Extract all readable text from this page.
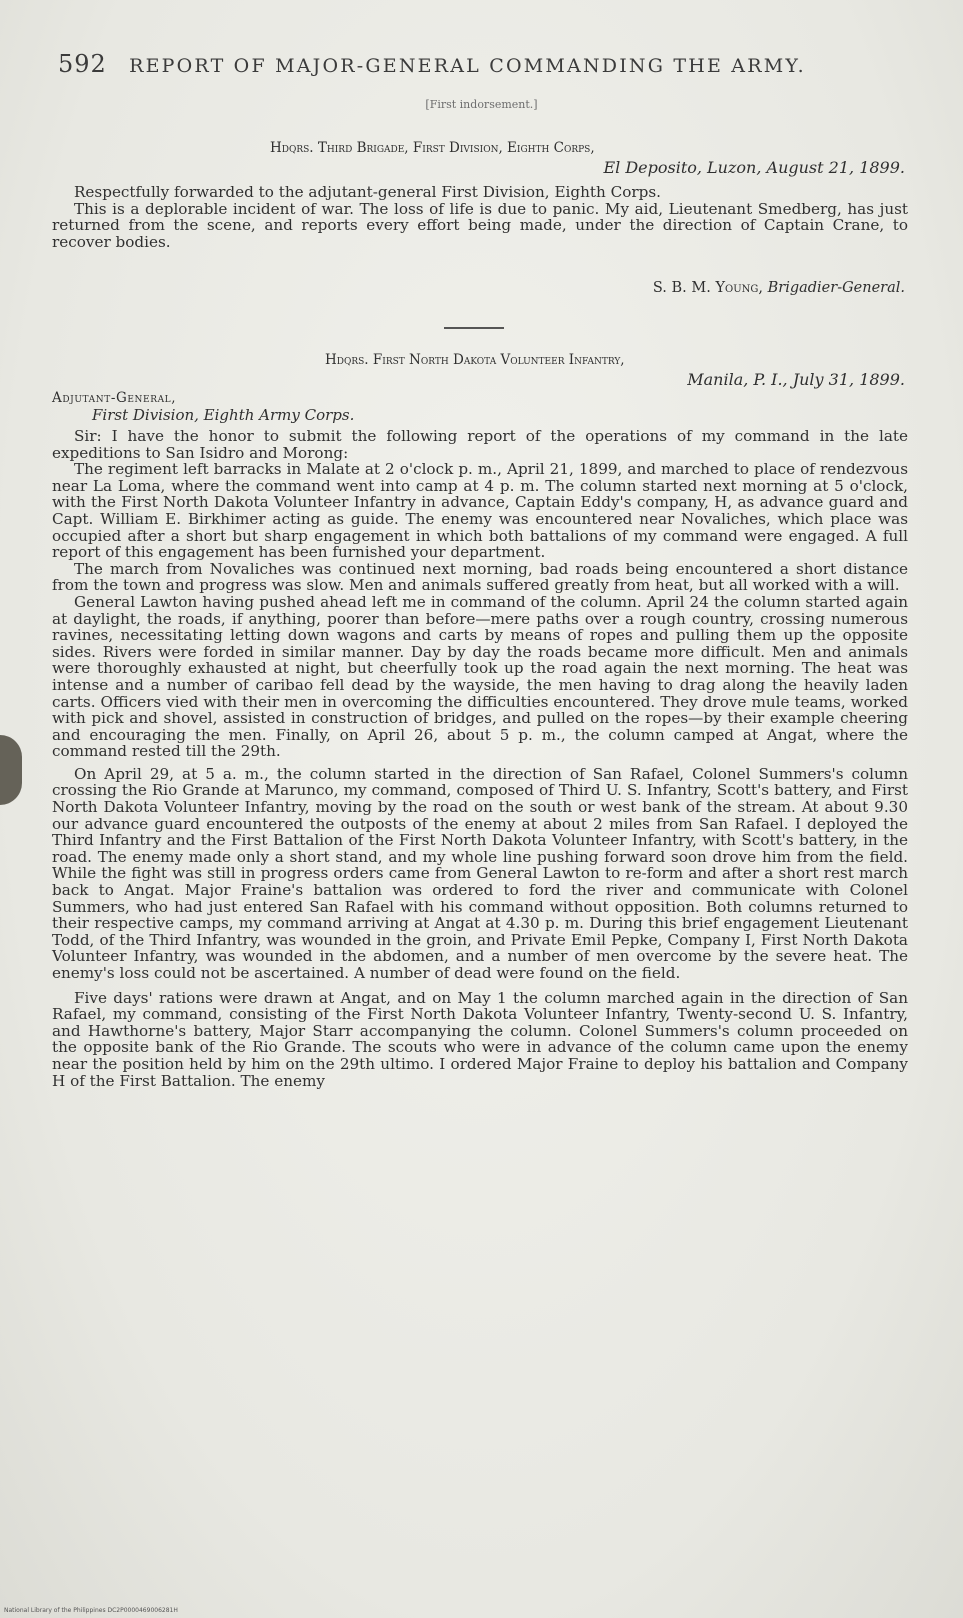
592 REPORT OF MAJOR-GENERAL COMMANDING THE ARMY.
[First indorsement.]
Hdqrs. Third Brigade, First Division, Eighth Corps,
El Deposito, Luzon, August 21, 1899.

Respectfully forwarded to the adjutant-general First Division, Eighth Corps.

This is a deplorable incident of war. The loss of life is due to panic. My aid, Lieutenant Smedberg, has just returned from the scene, and reports every effort being made, under the direction of Captain Crane, to recover bodies.

S. B. M. Young, Brigadier-General.
Hdqrs. First North Dakota Volunteer Infantry,
Manila, P. I., July 31, 1899.
Adjutant-General,
First Division, Eighth Army Corps.

Sir: I have the honor to submit the following report of the operations of my command in the late expeditions to San Isidro and Morong:

The regiment left barracks in Malate at 2 o'clock p. m., April 21, 1899, and marched to place of rendezvous near La Loma, where the command went into camp at 4 p. m. The column started next morning at 5 o'clock, with the First North Dakota Volunteer Infantry in advance, Captain Eddy's company, H, as advance guard and Capt. William E. Birkhimer acting as guide. The enemy was encountered near Novaliches, which place was occupied after a short but sharp engagement in which both battalions of my command were engaged. A full report of this engagement has been furnished your department.

The march from Novaliches was continued next morning, bad roads being encountered a short distance from the town and progress was slow. Men and animals suffered greatly from heat, but all worked with a will.

General Lawton having pushed ahead left me in command of the column. April 24 the column started again at daylight, the roads, if anything, poorer than before—mere paths over a rough country, crossing numerous ravines, necessitating letting down wagons and carts by means of ropes and pulling them up the opposite sides. Rivers were forded in similar manner. Day by day the roads became more difficult. Men and animals were thoroughly exhausted at night, but cheerfully took up the road again the next morning. The heat was intense and a number of caribao fell dead by the wayside, the men having to drag along the heavily laden carts. Officers vied with their men in overcoming the difficulties encountered. They drove mule teams, worked with pick and shovel, assisted in construction of bridges, and pulled on the ropes—by their example cheering and encouraging the men. Finally, on April 26, about 5 p. m., the column camped at Angat, where the command rested till the 29th.

On April 29, at 5 a. m., the column started in the direction of San Rafael, Colonel Summers's column crossing the Rio Grande at Marunco, my command, composed of Third U. S. Infantry, Scott's battery, and First North Dakota Volunteer Infantry, moving by the road on the south or west bank of the stream. At about 9.30 our advance guard encountered the outposts of the enemy at about 2 miles from San Rafael. I deployed the Third Infantry and the First Battalion of the First North Dakota Volunteer Infantry, with Scott's battery, in the road. The enemy made only a short stand, and my whole line pushing forward soon drove him from the field. While the fight was still in progress orders came from General Lawton to re-form and after a short rest march back to Angat. Major Fraine's battalion was ordered to ford the river and communicate with Colonel Summers, who had just entered San Rafael with his command without opposition. Both columns returned to their respective camps, my command arriving at Angat at 4.30 p. m. During this brief engagement Lieutenant Todd, of the Third Infantry, was wounded in the groin, and Private Emil Pepke, Company I, First North Dakota Volunteer Infantry, was wounded in the abdomen, and a number of men overcome by the severe heat. The enemy's loss could not be ascertained. A number of dead were found on the field.

Five days' rations were drawn at Angat, and on May 1 the column marched again in the direction of San Rafael, my command, consisting of the First North Dakota Volunteer Infantry, Twenty-second U. S. Infantry, and Hawthorne's battery, Major Starr accompanying the column. Colonel Summers's column proceeded on the opposite bank of the Rio Grande. The scouts who were in advance of the column came upon the enemy near the position held by him on the 29th ultimo. I ordered Major Fraine to deploy his battalion and Company H of the First Battalion. The enemy

National Library of the Philippines DC2P0000469006281H
